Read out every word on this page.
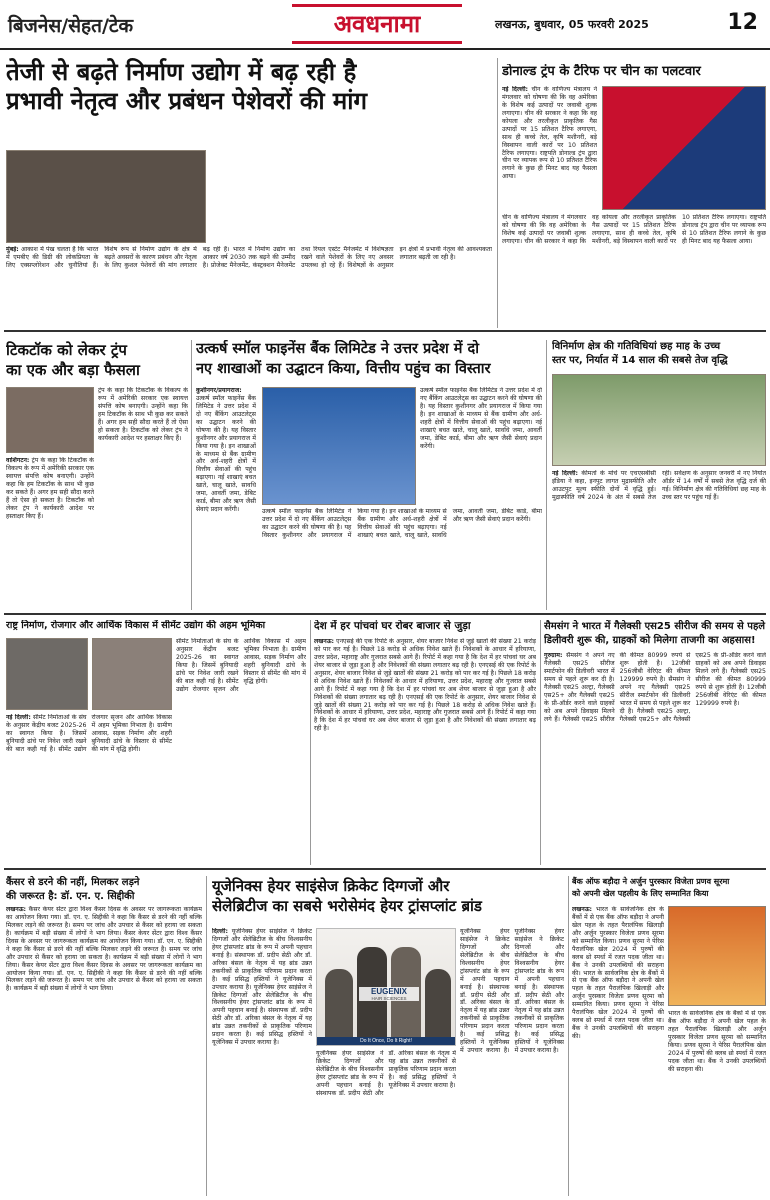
बिजनेस/सेहत/टेक	अवधनामा	लखनऊ, बुधवार, 05 फरवरी 2025	12
तेजी से बढ़ते निर्माण उद्योग में बढ़ रही है
प्रभावी नेतृत्व और प्रबंधन पेशेवरों की मांग
मुंबई: आकाश में पंख चलता है कि भारत में एमबीए की डिग्री की लोकप्रियता के लिए एक्सप्लोरेशन और चुनौतियां हैं। विशेष रूप से निर्माण उद्योग के क्षेत्र में बढ़ते अवसरों के कारण प्रबंधन और नेतृत्व के लिए कुशल पेशेवरों की मांग लगातार बढ़ रही है। भारत में निर्माण उद्योग का आकार वर्ष 2030 तक बढ़ने की उम्मीद है। प्रोजेक्ट मैनेजमेंट, कंस्ट्रक्शन मैनेजमेंट तथा रियल एस्टेट मैनेजमेंट में विशेषज्ञता रखने वाले पेशेवरों के लिए नए अवसर उपलब्ध हो रहे हैं। विशेषज्ञों के अनुसार इन क्षेत्रों में प्रभावी नेतृत्व की आवश्यकता लगातार बढ़ती जा रही है।
डोनाल्ड ट्रंप के टैरिफ पर चीन का पलटवार
नई दिल्ली: चीन के वाणिज्य मंत्रालय ने मंगलवार को घोषणा की कि वह अमेरिका के विशेष कई उत्पादों पर जवाबी शुल्क लगाएगा। चीन की सरकार ने कहा कि वह कोयला और तरलीकृत प्राकृतिक गैस उत्पादों पर 15 प्रतिशत टैरिफ लगाएगा, साथ ही कच्चे तेल, कृषि मशीनरी, बड़े विस्थापन वाली कारों पर 10 प्रतिशत टैरिफ लगाएगा। राष्ट्रपति डोनाल्ड ट्रंप द्वारा चीन पर व्यापक रूप से 10 प्रतिशत टैरिफ लगाने के कुछ ही मिनट बाद यह फैसला आया।
चीन के वाणिज्य मंत्रालय ने मंगलवार को घोषणा की कि वह अमेरिका के विशेष कई उत्पादों पर जवाबी शुल्क लगाएगा। चीन की सरकार ने कहा कि वह कोयला और तरलीकृत प्राकृतिक गैस उत्पादों पर 15 प्रतिशत टैरिफ लगाएगा, साथ ही कच्चे तेल, कृषि मशीनरी, बड़े विस्थापन वाली कारों पर 10 प्रतिशत टैरिफ लगाएगा। राष्ट्रपति डोनाल्ड ट्रंप द्वारा चीन पर व्यापक रूप से 10 प्रतिशत टैरिफ लगाने के कुछ ही मिनट बाद यह फैसला आया।
टिकटॉक को लेकर ट्रंप
का एक और बड़ा फैसला
ट्रंप के कहा कि टिकटॉक के विकल्प के रूप में अमेरिकी सरकार एक स्वायत्त संपत्ति कोष बनाएगी। उन्होंने कहा कि हम टिकटॉक के साथ भी कुछ कर सकते हैं। अगर हम सही सौदा करते हैं तो ऐसा हो सकता है। टिकटॉक को लेकर ट्रंप ने कार्यकारी आदेश पर हस्ताक्षर किए हैं।
वाशिंगटन: ट्रंप के कहा कि टिकटॉक के विकल्प के रूप में अमेरिकी सरकार एक स्वायत्त संपत्ति कोष बनाएगी। उन्होंने कहा कि हम टिकटॉक के साथ भी कुछ कर सकते हैं। अगर हम सही सौदा करते हैं तो ऐसा हो सकता है। टिकटॉक को लेकर ट्रंप ने कार्यकारी आदेश पर हस्ताक्षर किए हैं।
उत्कर्ष स्मॉल फाइनेंस बैंक लिमिटेड ने उत्तर प्रदेश में दो
नए शाखाओं का उद्घाटन किया, वित्तीय पहुंच का विस्तार
कुशीनगर/प्रयागराज: उत्कर्ष स्मॉल फाइनेंस बैंक लिमिटेड ने उत्तर प्रदेश में दो नए बैंकिंग आउटलेट्स का उद्घाटन करने की घोषणा की है। यह विस्तार कुशीनगर और प्रयागराज में किया गया है। इन शाखाओं के माध्यम से बैंक ग्रामीण और अर्ध-शहरी क्षेत्रों में वित्तीय सेवाओं की पहुंच बढ़ाएगा। नई शाखाएं बचत खाते, चालू खाते, सावधि जमा, आवर्ती जमा, डेबिट कार्ड, बीमा और ऋण जैसी सेवाएं प्रदान करेंगी।	उत्कर्ष स्मॉल फाइनेंस बैंक लिमिटेड ने उत्तर प्रदेश में दो नए बैंकिंग आउटलेट्स का उद्घाटन करने की घोषणा की है। यह विस्तार कुशीनगर और प्रयागराज में किया गया है। इन शाखाओं के माध्यम से बैंक ग्रामीण और अर्ध-शहरी क्षेत्रों में वित्तीय सेवाओं की पहुंच बढ़ाएगा। नई शाखाएं बचत खाते, चालू खाते, सावधि जमा, आवर्ती जमा, डेबिट कार्ड, बीमा और ऋण जैसी सेवाएं प्रदान करेंगी।
उत्कर्ष स्मॉल फाइनेंस बैंक लिमिटेड ने उत्तर प्रदेश में दो नए बैंकिंग आउटलेट्स का उद्घाटन करने की घोषणा की है। यह विस्तार कुशीनगर और प्रयागराज में किया गया है। इन शाखाओं के माध्यम से बैंक ग्रामीण और अर्ध-शहरी क्षेत्रों में वित्तीय सेवाओं की पहुंच बढ़ाएगा। नई शाखाएं बचत खाते, चालू खाते, सावधि जमा, आवर्ती जमा, डेबिट कार्ड, बीमा और ऋण जैसी सेवाएं प्रदान करेंगी।
विनिर्माण क्षेत्र की गतिविधियां छह माह के उच्च
स्तर पर, निर्यात में 14 साल की सबसे तेज वृद्धि
नई दिल्ली: कीमतों के मोर्चे पर एचएसबीसी इंडिया ने कहा, इनपुट लागत मुद्रास्फीति और आउटपुट मूल्य स्फीति दोनों में वृद्धि हुई। मुद्रास्फीति वर्ष 2024 के अंत में सबसे तेज रही। सर्वेक्षण के अनुसार जनवरी में नए निर्यात ऑर्डर में 14 वर्षों में सबसे तेज वृद्धि दर्ज की गई। विनिर्माण क्षेत्र की गतिविधियां छह माह के उच्च स्तर पर पहुंच गई हैं।
राष्ट्र निर्माण, रोजगार और आर्थिक विकास में सीमेंट उद्योग की अहम भूमिका
नई दिल्ली: सीमेंट निर्माताओं के संघ के अनुसार केंद्रीय बजट 2025-26 का स्वागत किया है। जिसमें बुनियादी ढांचे पर निवेश जारी रखने की बात कही गई है। सीमेंट उद्योग रोजगार सृजन और आर्थिक विकास में अहम भूमिका निभाता है। ग्रामीण आवास, सड़क निर्माण और शहरी बुनियादी ढांचे के विस्तार से सीमेंट की मांग में वृद्धि होगी।
सीमेंट निर्माताओं के संघ के अनुसार केंद्रीय बजट 2025-26 का स्वागत किया है। जिसमें बुनियादी ढांचे पर निवेश जारी रखने की बात कही गई है। सीमेंट उद्योग रोजगार सृजन और आर्थिक विकास में अहम भूमिका निभाता है। ग्रामीण आवास, सड़क निर्माण और शहरी बुनियादी ढांचे के विस्तार से सीमेंट की मांग में वृद्धि होगी।
देश में हर पांचवां घर रोबर बाजार से जुड़ा
लखनऊ: एनएसई की एक रिपोर्ट के अनुसार, शेयर बाजार निवेश से जुड़े खातों की संख्या 21 करोड़ को पार कर गई है। पिछले 18 करोड़ से अधिक निवेश खाते हैं। निवेशकों के आधार में हरियाणा, उत्तर प्रदेश, महाराष्ट्र और गुजरात सबसे आगे हैं। रिपोर्ट में कहा गया है कि देश में हर पांचवां घर अब शेयर बाजार से जुड़ा हुआ है और निवेशकों की संख्या लगातार बढ़ रही है। एनएसई की एक रिपोर्ट के अनुसार, शेयर बाजार निवेश से जुड़े खातों की संख्या 21 करोड़ को पार कर गई है। पिछले 18 करोड़ से अधिक निवेश खाते हैं। निवेशकों के आधार में हरियाणा, उत्तर प्रदेश, महाराष्ट्र और गुजरात सबसे आगे हैं। रिपोर्ट में कहा गया है कि देश में हर पांचवां घर अब शेयर बाजार से जुड़ा हुआ है और निवेशकों की संख्या लगातार बढ़ रही है। एनएसई की एक रिपोर्ट के अनुसार, शेयर बाजार निवेश से जुड़े खातों की संख्या 21 करोड़ को पार कर गई है। पिछले 18 करोड़ से अधिक निवेश खाते हैं। निवेशकों के आधार में हरियाणा, उत्तर प्रदेश, महाराष्ट्र और गुजरात सबसे आगे हैं। रिपोर्ट में कहा गया है कि देश में हर पांचवां घर अब शेयर बाजार से जुड़ा हुआ है और निवेशकों की संख्या लगातार बढ़ रही है।
सैमसंग ने भारत में गैलेक्सी एस25 सीरीज की समय से पहले
डिलीवरी शुरू की, ग्राहकों को मिलेगा ताजगी का अहसास!
गुरुग्राम: सैमसंग ने अपने नए गैलेक्सी एस25 सीरीज स्मार्टफोन की डिलीवरी भारत में समय से पहले शुरू कर दी है। गैलेक्सी एस25 अल्ट्रा, गैलेक्सी एस25+ और गैलेक्सी एस25 के प्री-ऑर्डर करने वाले ग्राहकों को अब अपने डिवाइस मिलने लगे हैं। गैलेक्सी एस25 सीरीज की कीमत 80999 रुपये से शुरू होती है। 12जीबी 256जीबी वेरिएंट की कीमत 129999 रुपये है। सैमसंग ने अपने नए गैलेक्सी एस25 सीरीज स्मार्टफोन की डिलीवरी भारत में समय से पहले शुरू कर दी है। गैलेक्सी एस25 अल्ट्रा, गैलेक्सी एस25+ और गैलेक्सी एस25 के प्री-ऑर्डर करने वाले ग्राहकों को अब अपने डिवाइस मिलने लगे हैं। गैलेक्सी एस25 सीरीज की कीमत 80999 रुपये से शुरू होती है। 12जीबी 256जीबी वेरिएंट की कीमत 129999 रुपये है।
कैंसर से डरने की नहीं, मिलकर लड़ने
की जरूरत है: डॉ. एन. ए. सिद्दीकी
लखनऊ: कैंसर केयर सेंटर द्वारा विश्व कैंसर दिवस के अवसर पर जागरूकता कार्यक्रम का आयोजन किया गया। डॉ. एन. ए. सिद्दीकी ने कहा कि कैंसर से डरने की नहीं बल्कि मिलकर लड़ने की जरूरत है। समय पर जांच और उपचार से कैंसर को हराया जा सकता है। कार्यक्रम में बड़ी संख्या में लोगों ने भाग लिया। कैंसर केयर सेंटर द्वारा विश्व कैंसर दिवस के अवसर पर जागरूकता कार्यक्रम का आयोजन किया गया। डॉ. एन. ए. सिद्दीकी ने कहा कि कैंसर से डरने की नहीं बल्कि मिलकर लड़ने की जरूरत है। समय पर जांच और उपचार से कैंसर को हराया जा सकता है। कार्यक्रम में बड़ी संख्या में लोगों ने भाग लिया। कैंसर केयर सेंटर द्वारा विश्व कैंसर दिवस के अवसर पर जागरूकता कार्यक्रम का आयोजन किया गया। डॉ. एन. ए. सिद्दीकी ने कहा कि कैंसर से डरने की नहीं बल्कि मिलकर लड़ने की जरूरत है। समय पर जांच और उपचार से कैंसर को हराया जा सकता है। कार्यक्रम में बड़ी संख्या में लोगों ने भाग लिया।
यूजेनिक्स हेयर साइंसेज क्रिकेट दिग्गजों और
सेलेब्रिटीज का सबसे भरोसेमंद हेयर ट्रांसप्लांट ब्रांड
दिल्ली: यूजेनिक्स हेयर साइंसेज ने क्रिकेट दिग्गजों और सेलेब्रिटीज के बीच विश्वसनीय हेयर ट्रांसप्लांट ब्रांड के रूप में अपनी पहचान बनाई है। संस्थापक डॉ. प्रदीप सेठी और डॉ. अरिका बंसल के नेतृत्व में यह ब्रांड उन्नत तकनीकों से प्राकृतिक परिणाम प्रदान करता है। कई प्रसिद्ध हस्तियों ने यूजेनिक्स में उपचार कराया है। यूजेनिक्स हेयर साइंसेज ने क्रिकेट दिग्गजों और सेलेब्रिटीज के बीच विश्वसनीय हेयर ट्रांसप्लांट ब्रांड के रूप में अपनी पहचान बनाई है। संस्थापक डॉ. प्रदीप सेठी और डॉ. अरिका बंसल के नेतृत्व में यह ब्रांड उन्नत तकनीकों से प्राकृतिक परिणाम प्रदान करता है। कई प्रसिद्ध हस्तियों ने यूजेनिक्स में उपचार कराया है।
EUGENIX
HAIR SCIENCES
Do It Once, Do It Right!
यूजेनिक्स हेयर साइंसेज ने क्रिकेट दिग्गजों और सेलेब्रिटीज के बीच विश्वसनीय हेयर ट्रांसप्लांट ब्रांड के रूप में अपनी पहचान बनाई है। संस्थापक डॉ. प्रदीप सेठी और डॉ. अरिका बंसल के नेतृत्व में यह ब्रांड उन्नत तकनीकों से प्राकृतिक परिणाम प्रदान करता है। कई प्रसिद्ध हस्तियों ने यूजेनिक्स में उपचार कराया है। यूजेनिक्स हेयर साइंसेज ने क्रिकेट दिग्गजों और सेलेब्रिटीज के बीच विश्वसनीय हेयर ट्रांसप्लांट ब्रांड के रूप में अपनी पहचान बनाई है। संस्थापक डॉ. प्रदीप सेठी और डॉ. अरिका बंसल के नेतृत्व में यह ब्रांड उन्नत तकनीकों से प्राकृतिक परिणाम प्रदान करता है। कई प्रसिद्ध हस्तियों ने यूजेनिक्स में उपचार कराया है।
यूजेनिक्स हेयर साइंसेज ने क्रिकेट दिग्गजों और सेलेब्रिटीज के बीच विश्वसनीय हेयर ट्रांसप्लांट ब्रांड के रूप में अपनी पहचान बनाई है। संस्थापक डॉ. प्रदीप सेठी और डॉ. अरिका बंसल के नेतृत्व में यह ब्रांड उन्नत तकनीकों से प्राकृतिक परिणाम प्रदान करता है। कई प्रसिद्ध हस्तियों ने यूजेनिक्स में उपचार कराया है।
बैंक ऑफ बड़ौदा ने अर्जुन पुरस्कार विजेता प्रणव सूरमा
को अपनी खेल पहलीय के लिए सम्मानित किया
लखनऊ: भारत के सार्वजनिक क्षेत्र के बैंकों में से एक बैंक ऑफ बड़ौदा ने अपनी खेल पहल के तहत पैरालंपिक खिलाड़ी और अर्जुन पुरस्कार विजेता प्रणव सूरमा को सम्मानित किया। प्रणव सूरमा ने पेरिस पैरालंपिक खेल 2024 में पुरुषों की क्लब थ्रो स्पर्धा में रजत पदक जीता था। बैंक ने उनकी उपलब्धियों की सराहना की। भारत के सार्वजनिक क्षेत्र के बैंकों में से एक बैंक ऑफ बड़ौदा ने अपनी खेल पहल के तहत पैरालंपिक खिलाड़ी और अर्जुन पुरस्कार विजेता प्रणव सूरमा को सम्मानित किया। प्रणव सूरमा ने पेरिस पैरालंपिक खेल 2024 में पुरुषों की क्लब थ्रो स्पर्धा में रजत पदक जीता था। बैंक ने उनकी उपलब्धियों की सराहना की।
भारत के सार्वजनिक क्षेत्र के बैंकों में से एक बैंक ऑफ बड़ौदा ने अपनी खेल पहल के तहत पैरालंपिक खिलाड़ी और अर्जुन पुरस्कार विजेता प्रणव सूरमा को सम्मानित किया। प्रणव सूरमा ने पेरिस पैरालंपिक खेल 2024 में पुरुषों की क्लब थ्रो स्पर्धा में रजत पदक जीता था। बैंक ने उनकी उपलब्धियों की सराहना की।
